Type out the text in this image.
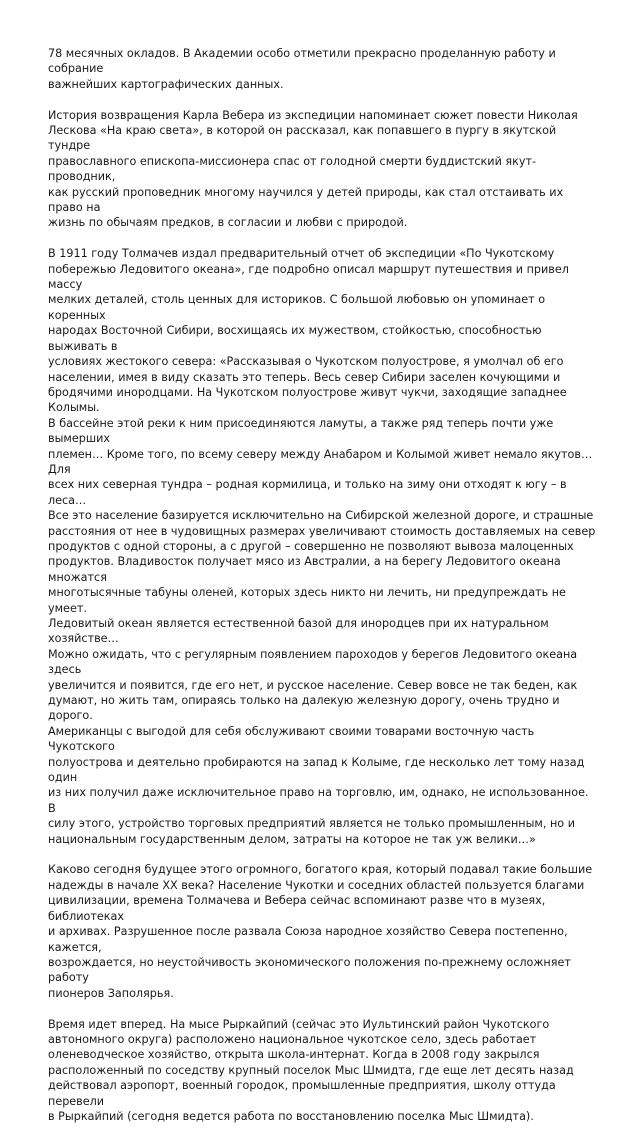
78 месячных окладов. В Академии особо отметили прекрасно проделанную работу и собрание
важнейших картографических данных.

История возвращения Карла Вебера из экспедиции напоминает сюжет повести Николая
Лескова «На краю света», в которой он рассказал, как попавшего в пургу в якутской тундре
православного епископа-миссионера спас от голодной смерти буддистский якут-проводник,
как русский проповедник многому научился у детей природы, как стал отстаивать их право на
жизнь по обычаям предков, в согласии и любви с природой.

В 1911 году Толмачев издал предварительный отчет об экспедиции «По Чукотскому
побережью Ледовитого океана», где подробно описал маршрут путешествия и привел массу
мелких деталей, столь ценных для историков. С большой любовью он упоминает о коренных
народах Восточной Сибири, восхищаясь их мужеством, стойкостью, способностью выживать в
условиях жестокого севера: «Рассказывая о Чукотском полуострове, я умолчал об его
населении, имея в виду сказать это теперь. Весь север Сибири заселен кочующими и
бродячими инородцами. На Чукотском полуострове живут чукчи, заходящие западнее Колымы.
В бассейне этой реки к ним присоединяются ламуты, а также ряд теперь почти уже вымерших
племен… Кроме того, по всему северу между Анабаром и Колымой живет немало якутов… Для
всех них северная тундра – родная кормилица, и только на зиму они отходят к югу – в леса…
Все это население базируется исключительно на Сибирской железной дороге, и страшные
расстояния от нее в чудовищных размерах увеличивают стоимость доставляемых на север
продуктов с одной стороны, а с другой – совершенно не позволяют вывоза малоценных
продуктов. Владивосток получает мясо из Австралии, а на берегу Ледовитого океана множатся
многотысячные табуны оленей, которых здесь никто ни лечить, ни предупреждать не умеет.
Ледовитый океан является естественной базой для инородцев при их натуральном хозяйстве…
Можно ожидать, что с регулярным появлением пароходов у берегов Ледовитого океана здесь
увеличится и появится, где его нет, и русское население. Север вовсе не так беден, как
думают, но жить там, опираясь только на далекую железную дорогу, очень трудно и дорого.
Американцы с выгодой для себя обслуживают своими товарами восточную часть Чукотского
полуострова и деятельно пробираются на запад к Колыме, где несколько лет тому назад один
из них получил даже исключительное право на торговлю, им, однако, не использованное. В
силу этого, устройство торговых предприятий является не только промышленным, но и
национальным государственным делом, затраты на которое не так уж велики…»

Каково сегодня будущее этого огромного, богатого края, который подавал такие большие
надежды в начале XX века? Население Чукотки и соседних областей пользуется благами
цивилизации, времена Толмачева и Вебера сейчас вспоминают разве что в музеях, библиотеках
и архивах. Разрушенное после развала Союза народное хозяйство Севера постепенно, кажется,
возрождается, но неустойчивость экономического положения по-прежнему осложняет работу
пионеров Заполярья.

Время идет вперед. На мысе Рыркайпий (сейчас это Иультинский район Чукотского
автономного округа) расположено национальное чукотское село, здесь работает
оленеводческое хозяйство, открыта школа-интернат. Когда в 2008 году закрылся
расположенный по соседству крупный поселок Мыс Шмидта, где еще лет десять назад
действовал аэропорт, военный городок, промышленные предприятия, школу оттуда перевели
в Рыркайпий (сегодня ведется работа по восстановлению поселка Мыс Шмидта).
